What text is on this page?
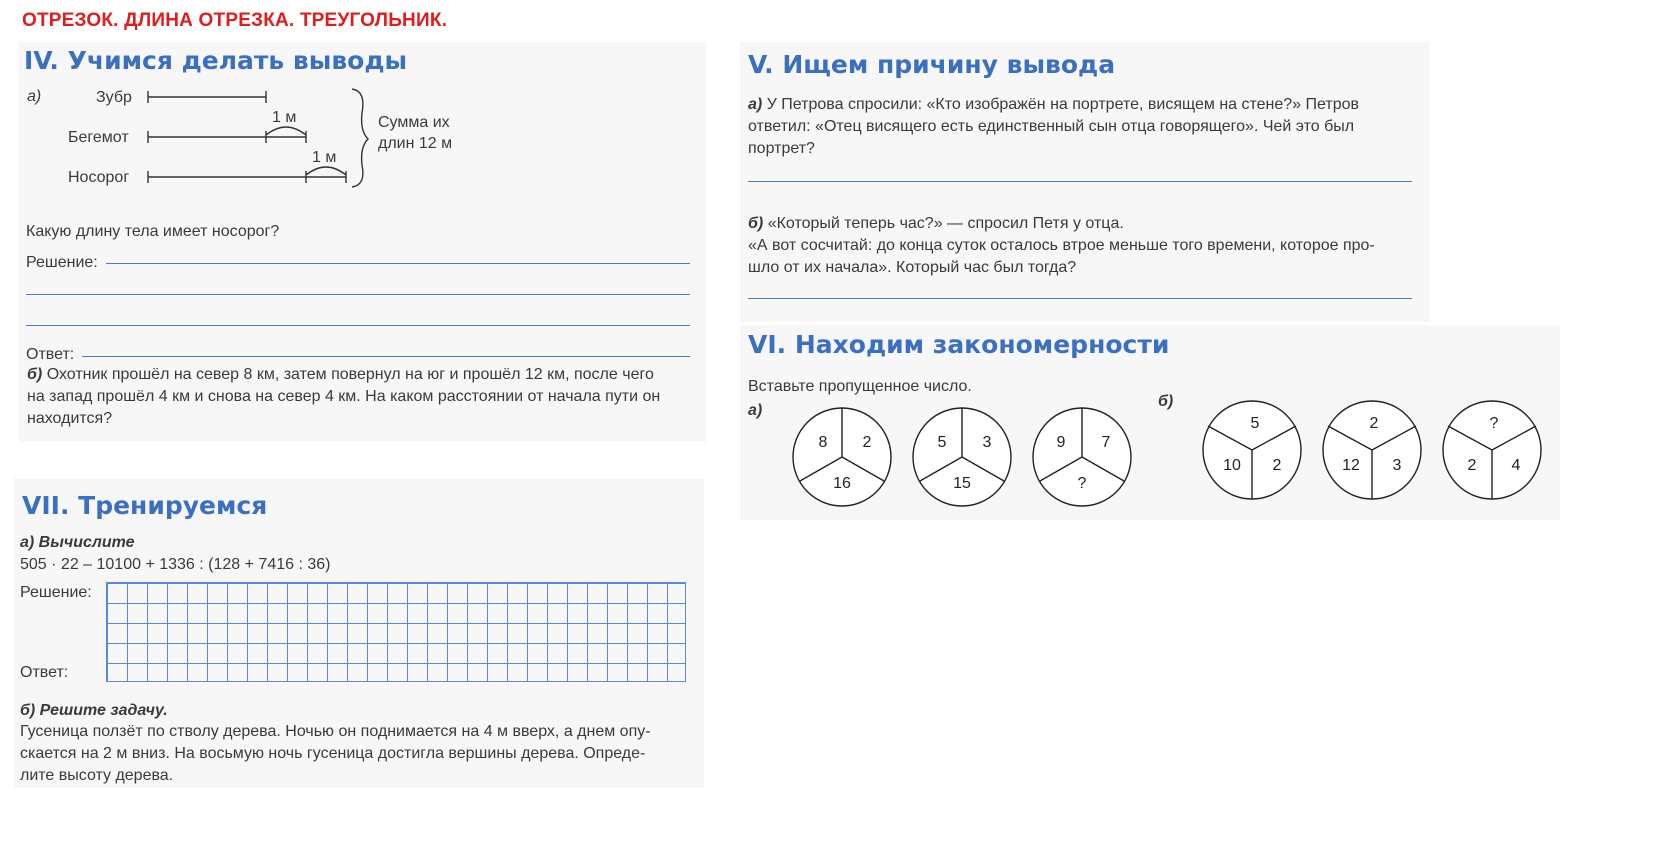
ОТРЕЗОК. ДЛИНА ОТРЕЗКА. ТРЕУГОЛЬНИК.
IV. Учимся делать выводы
а)	Зубр
Бегемот
Носорог
1 м
1 м
Сумма их
длин 12 м
Какую длину тела имеет носорог?
Решение:
Ответ:
б) Охотник прошёл на север 8 км, затем повернул на юг и прошёл 12 км, после чего
на запад прошёл 4 км и снова на север 4 км. На каком расстоянии от начала пути он
находится?
V. Ищем причину вывода
а) У Петрова спросили: «Кто изображён на портрете, висящем на стене?» Петров
ответил: «Отец висящего есть единственный сын отца говорящего». Чей это был
портрет?
б) «Который теперь час?» — спросил Петя у отца.
«А вот сосчитай: до конца суток осталось втрое меньше того времени, которое про-
шло от их начала». Который час был тогда?
VI. Находим закономерности
Вставьте пропущенное число.
а)
б)
8 2
16
5 3
15
9 7
?
5
10 2
2
12 3
?
2 4
VII. Тренируемся
а) Вычислите
505 · 22 – 10100 + 1336 : (128 + 7416 : 36)
Решение:
Ответ:
б) Решите задачу.
Гусеница ползёт по стволу дерева. Ночью он поднимается на 4 м вверх, а днем опу-
скается на 2 м вниз. На восьмую ночь гусеница достигла вершины дерева. Опреде-
лите высоту дерева.
